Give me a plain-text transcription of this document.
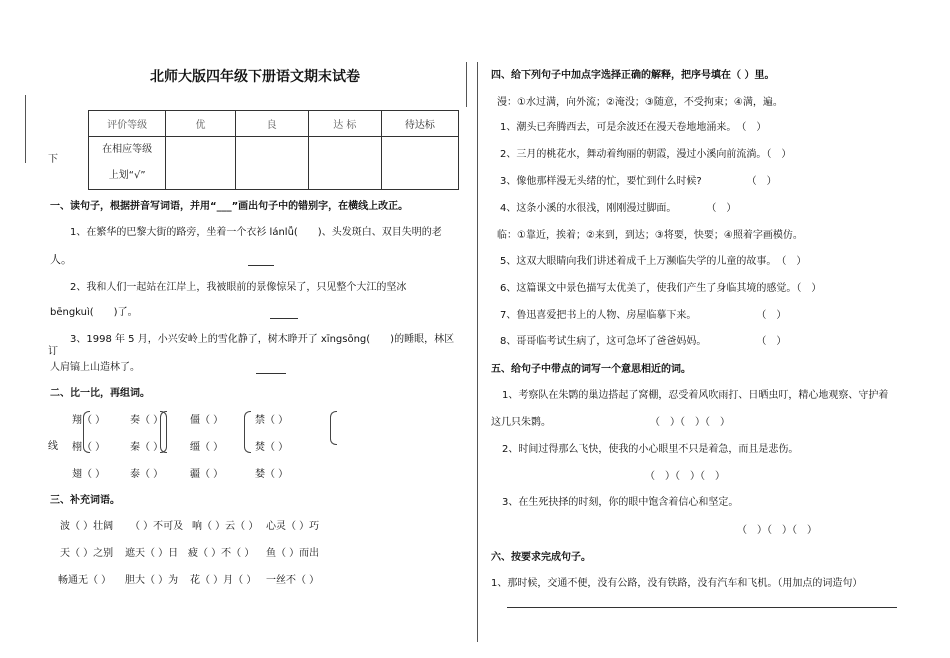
下
订
线
北师大版四年级下册语文期末试卷
评价等级	优	良	达 标	待达标

在相应等级
上划“√”				

一、读句子，根据拼音写词语，并用“___”画出句子中的错别字，在横线上改正。
1、在繁华的巴黎大街的路旁，坐着一个衣衫 lánlǚ(　　)、头发斑白、双目失明的老
人。
2、我和人们一起站在江岸上，我被眼前的景像惊呆了，只见整个大江的坚冰
bēngkuì(　　)了。
3、1998 年 5 月，小兴安岭上的雪化静了，树木睁开了 xīngsōng(　　)的睡眼，林区
人肩镐上山造林了。
二、比一比，再组词。
翔（ ） 奏（ ）	僵（ ）	禁（ ）
栩（ ） 秦（ ）	缰（ ）	焚（ ）
翅（ ） 泰（ ）	疆（ ）	婪（ ）
三、补充词语。
波（ ）壮阔 （ ）不可及 响（ ）云（ ） 心灵（ ）巧
天（ ）之别 遮天（ ）日 疲（ ）不（ ） 鱼（ ）而出
畅通无（ ） 胆大（ ）为 花（ ）月（ ） 一丝不（ ）
四、给下列句子中加点字选择正确的解释，把序号填在（ ）里。
漫：①水过满，向外流；②淹没；③随意，不受拘束；④满，遍。
1、潮头已奔腾西去，可是余波还在漫天卷地地涌来。　（　）
2、三月的桃花水，舞动着绚丽的朝霞，漫过小溪向前流淌。（　）
3、像他那样漫无头绪的忙，要忙到什么时候?　　　　　（　）
4、这条小溪的水很浅，刚刚漫过脚面。　　　　（　）
临：①靠近，挨着；②来到，到达；③将要，快要；④照着字画模仿。
5、这双大眼睛向我们讲述着成千上万濒临失学的儿童的故事。　（　）
6、这篇课文中景色描写太优美了，使我们产生了身临其境的感觉。（　）
7、鲁迅喜爱把书上的人物、房屋临摹下来。　　　　　　　（　）
8、哥哥临考试生病了，这可急坏了爸爸妈妈。　　　　　　（　）
五、给句子中带点的词写一个意思相近的词。
1、考察队在朱鹮的巢边搭起了窝棚，忍受着风吹雨打、日晒虫叮，精心地观察、守护着
这几只朱鹮。	（　）（　）（　）
2、时间过得那么飞快，使我的小心眼里不只是着急，而且是悲伤。
（　）（　）（　）
3、在生死抉择的时刻，你的眼中饱含着信心和坚定。
（　）（　）（　）
六、按要求完成句子。
1、那时候，交通不便，没有公路，没有铁路，没有汽车和飞机。（用加点的词造句）
